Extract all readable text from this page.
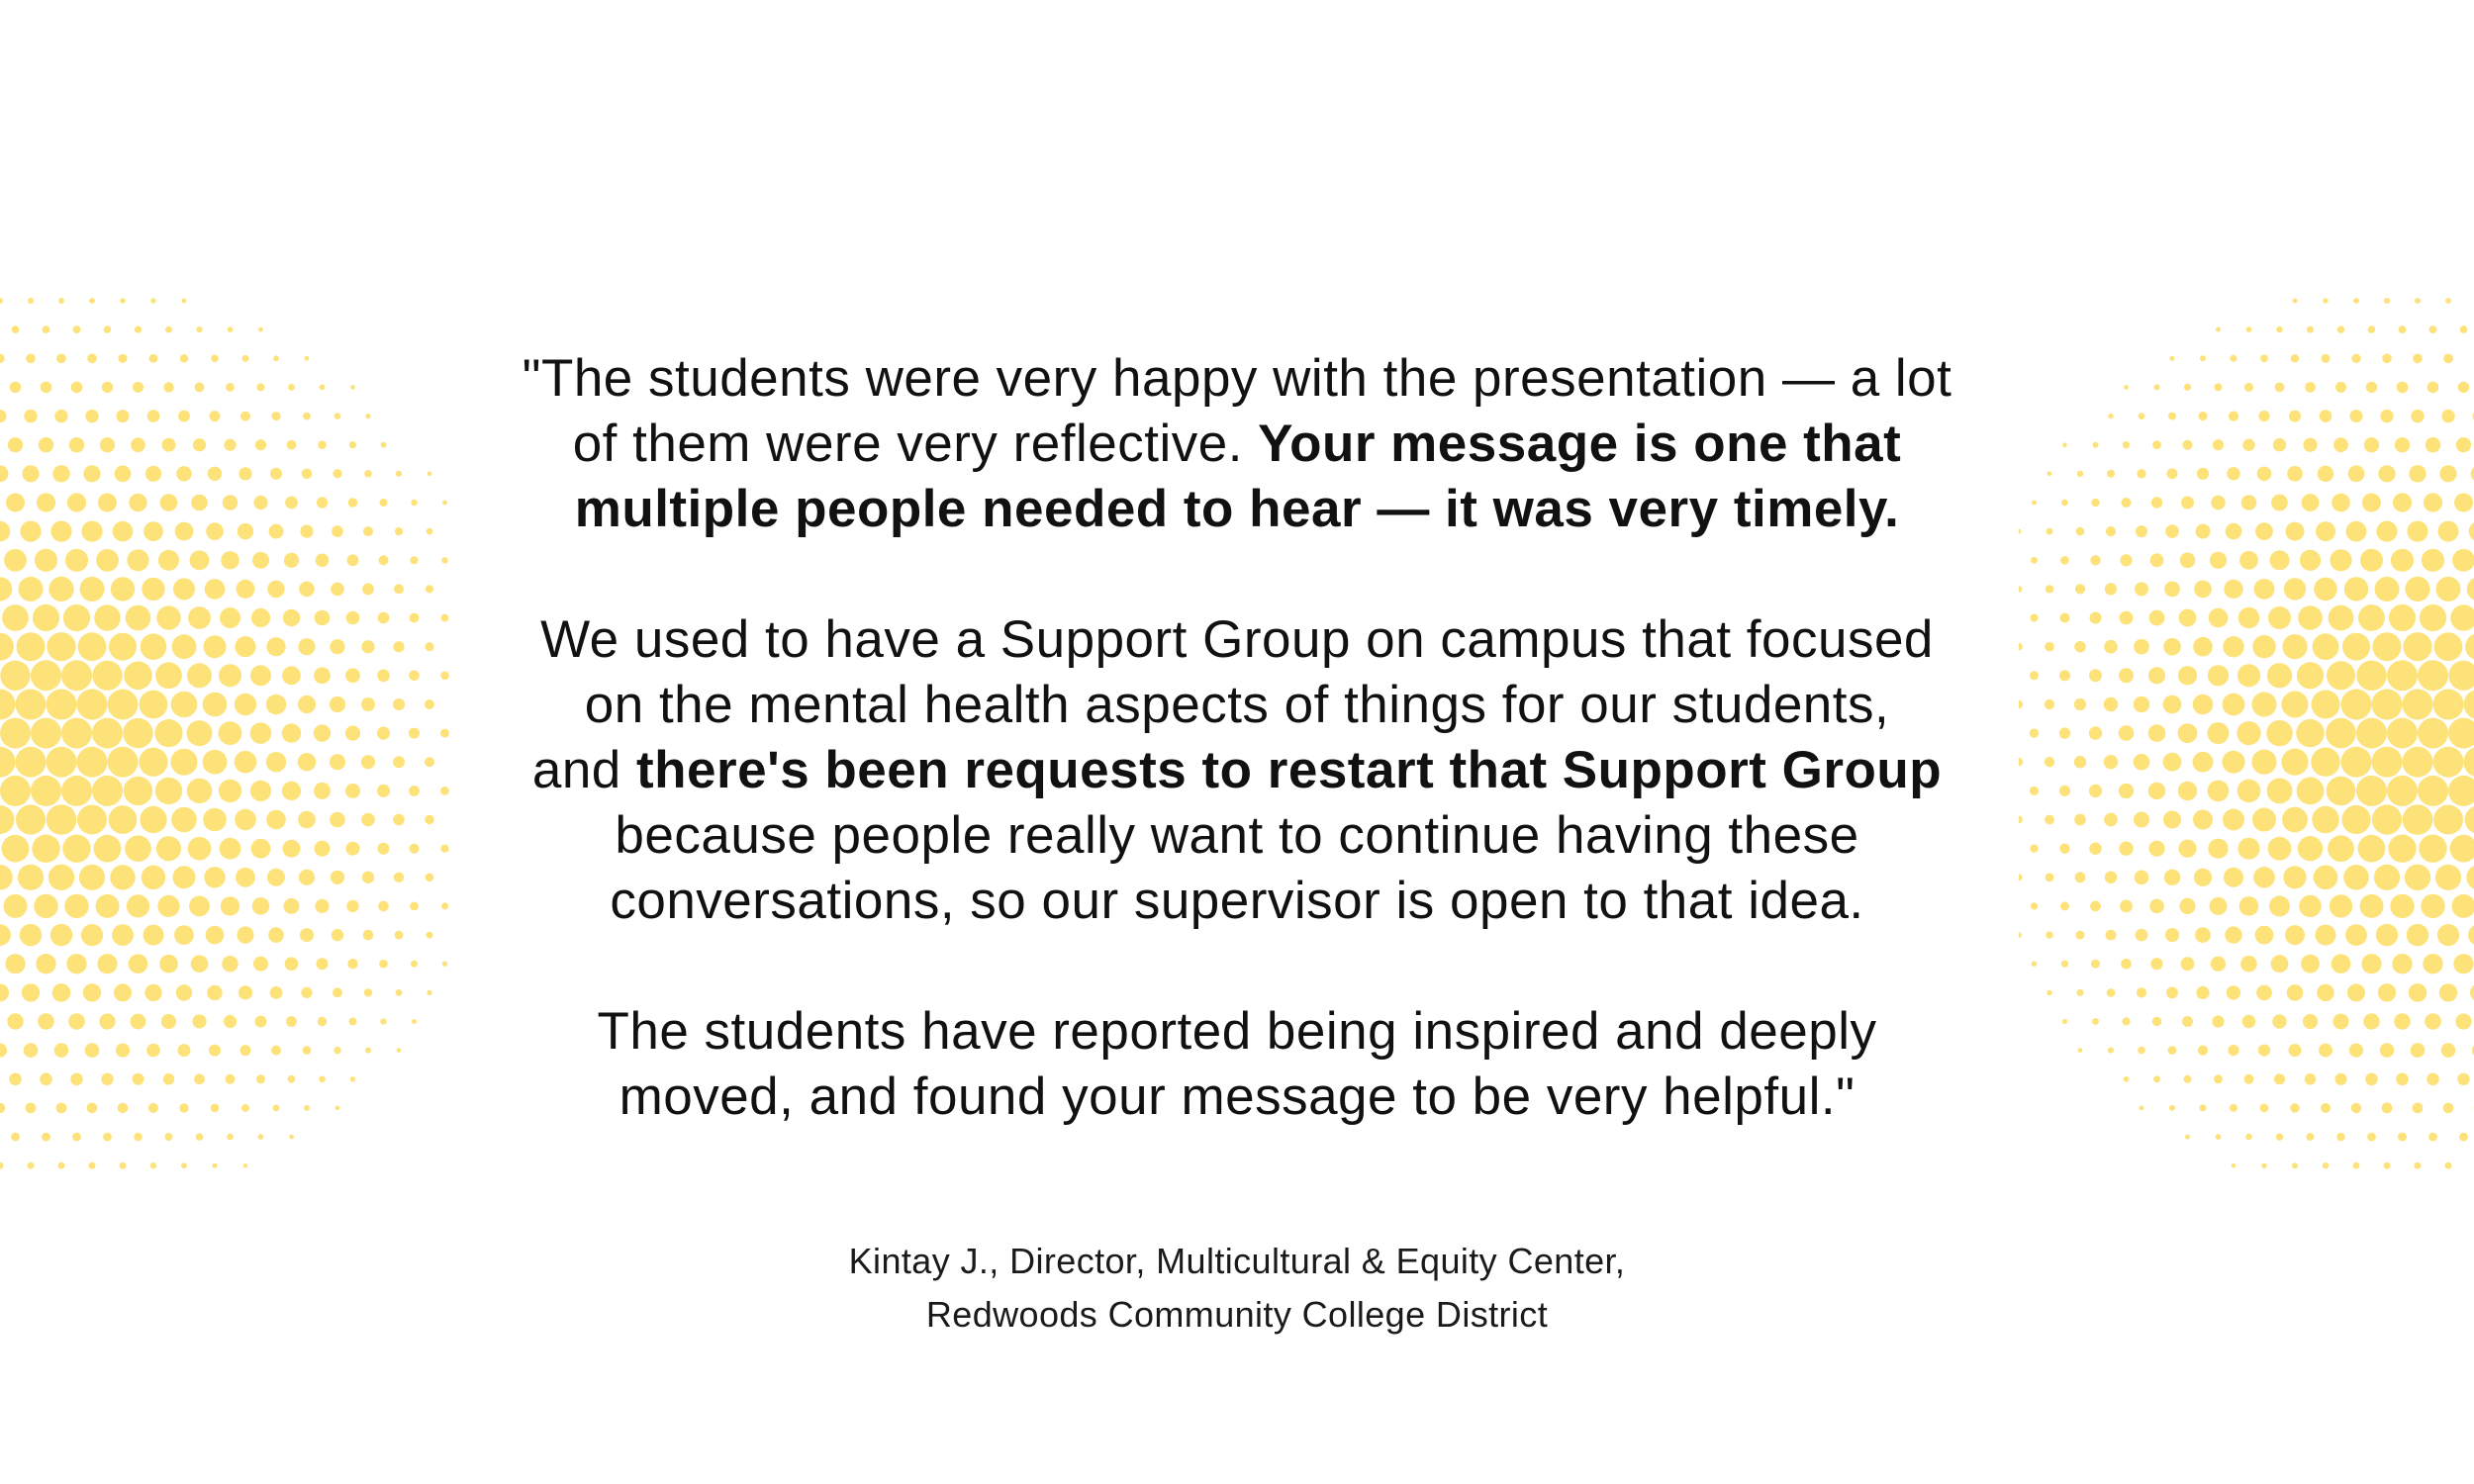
"The students were very happy with the presentation — a lot
of them were very reflective. Your message is one that
multiple people needed to hear — it was very timely.

We used to have a Support Group on campus that focused
on the mental health aspects of things for our students,
and there's been requests to restart that Support Group
because people really want to continue having these
conversations, so our supervisor is open to that idea.

The students have reported being inspired and deeply
moved, and found your message to be very helpful."

Kintay J., Director, Multicultural & Equity Center,
Redwoods Community College District
